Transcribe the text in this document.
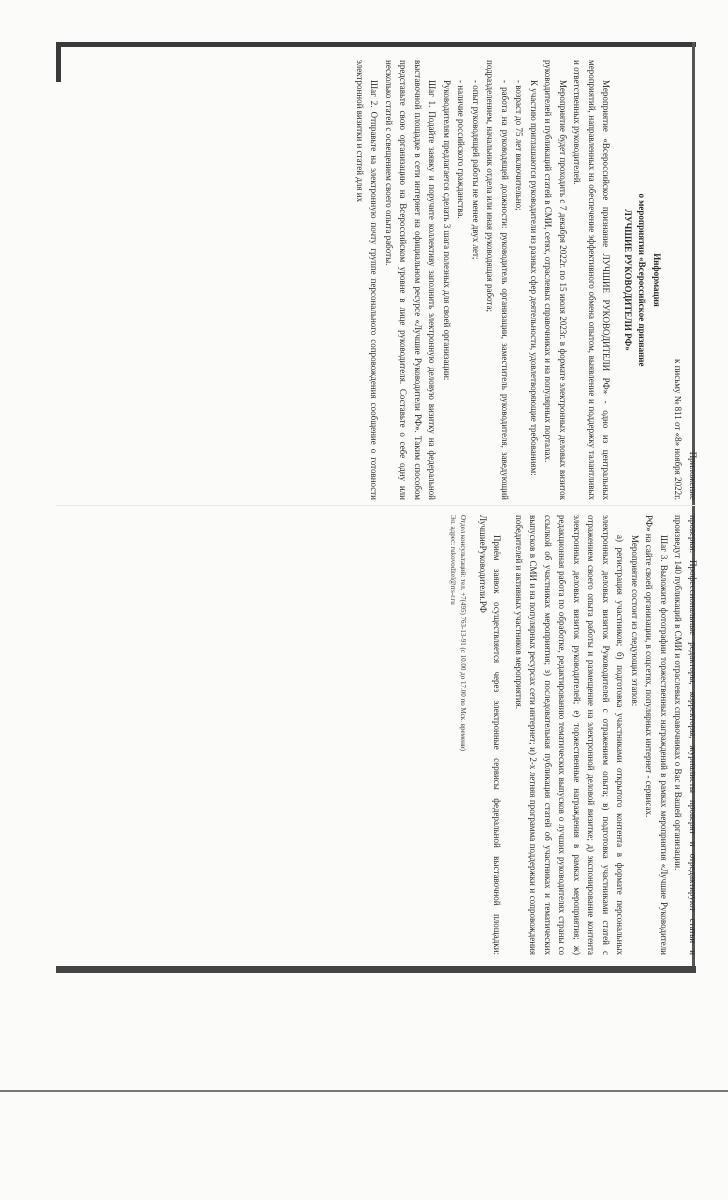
Приложение

к письму № 811 от «8» ноября 2022г.

Информация

о мероприятии «Всероссийское признание

ЛУЧШИЕ РУКОВОДИТЕЛИ РФ»

Мероприятие «Всероссийское признание ЛУЧШИЕ РУКОВОДИТЕЛИ РФ» - одно из центральных мероприятий, направленных на обеспечение эффективного обмена опытом, выявление и поддержку талантливых и ответственных руководителей.

Мероприятие будет проходить с 7 декабря 2022г. по 15 июля 2023г. в формате электронных деловых визиток руководителей и публикаций статей в СМИ, сетях, отраслевых справочниках и на популярных порталах.

К участию приглашаются руководители из разных сфер деятельности, удовлетворяющие требованиям:

- возраст до 75 лет включительно;

- работа на руководящей должности: руководитель организации, заместитель руководителя, заведующий подразделением, начальник отдела или иная руководящая работа;

- опыт руководящей работы не менее двух лет;

- наличие российского гражданства.

Руководителям предлагается сделать 3 шага полезных для своей организации:

Шаг 1. Подайте заявку и поручите коллективу заполнить электронную деловую визитку на федеральной выставочной площадке в сети интернет на официальном ресурсе «Лучшие Руководители РФ». Таким способом представьте свою организацию на Всероссийском уровне в лице руководителя. Составьте о себе одну или несколько статей с освещением своего опыта работы.

Шаг 2. Отправьте на электронную почту группе персонального сопровождения сообщение о готовности электронной визитки и статей для их

проверки. Профессиональные редакторы, корректоры, журналисты проверят и отредактируют статьи и произведут 140 публикаций в СМИ и отраслевых справочниках о Вас и Вашей организации.

Шаг 3. Выложите фотографии торжественных награждений в рамках мероприятия «Лучшие Руководители РФ» на сайте своей организации, в соцсетях, популярных интернет - сервисах.

Мероприятие состоит из следующих этапов:

а) регистрация участников; б) подготовка участниками открытого контента в формате персональных электронных деловых визиток Руководителей с отражением опыта; в) подготовка участниками статей с отражением своего опыта работы и размещение на электронной деловой визитке; д) экспонирование контента электронных деловых визиток руководителей; е) торжественные награждения в рамках мероприятия; ж) редакционная работа по обработке, редактированию тематических выпусков о лучших руководителях страны со ссылкой об участниках мероприятия; з) последовательная публикация статей об участниках и тематических выпусков в СМИ и на популярных ресурсах сети интернет; и) 2-х летняя программа поддержки и сопровождения победителей и активных участников мероприятия.

Приём заявок осуществляется через электронные сервисы федеральной выставочной площадки: ЛучшиеРуководители.РФ

Отдел консультаций: тел. +7(495) 763-13-91 (с 10.00 до 17.00 по Мск. времени)

Эл. адрес: rukovoditel@rrs-r.ru
